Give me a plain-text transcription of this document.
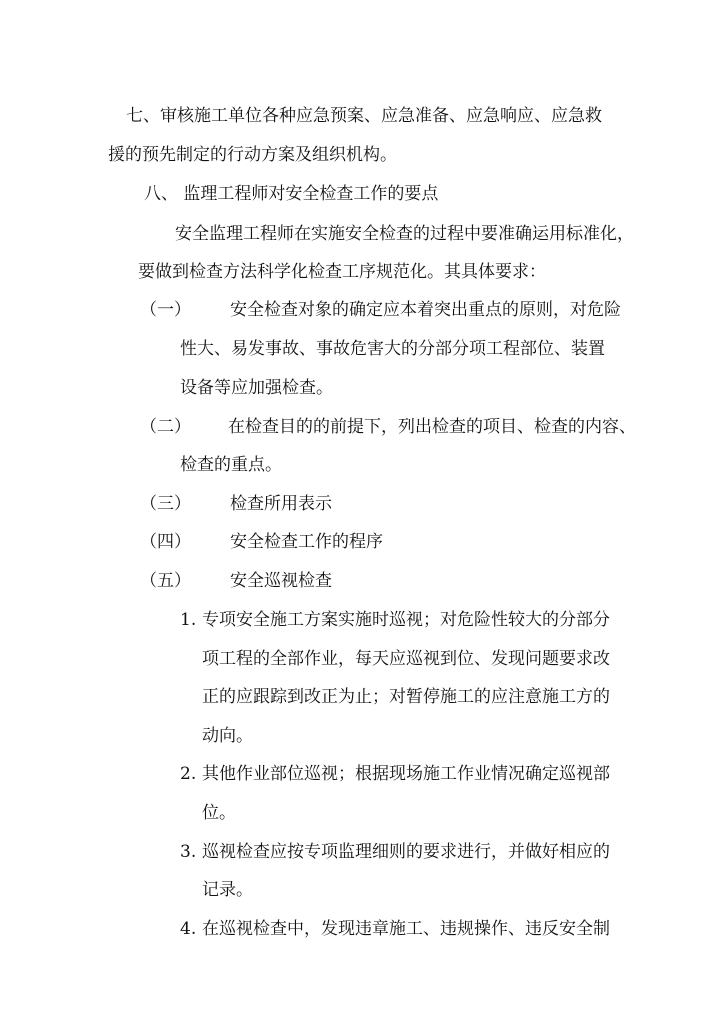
七、审核施工单位各种应急预案、应急准备、应急响应、应急救
援的预先制定的行动方案及组织机构。
八、 监理工程师对安全检查工作的要点
安全监理工程师在实施安全检查的过程中要准确运用标准化，
要做到检查方法科学化检查工序规范化。其具体要求：
（一） 安全检查对象的确定应本着突出重点的原则，对危险
性大、易发事故、事故危害大的分部分项工程部位、装置
设备等应加强检查。
（二） 在检查目的的前提下，列出检查的项目、检查的内容、
检查的重点。
（三） 检查所用表示
（四） 安全检查工作的程序
（五） 安全巡视检查
1. 专项安全施工方案实施时巡视；对危险性较大的分部分
项工程的全部作业，每天应巡视到位、发现问题要求改
正的应跟踪到改正为止；对暂停施工的应注意施工方的
动向。
2. 其他作业部位巡视；根据现场施工作业情况确定巡视部
位。
3. 巡视检查应按专项监理细则的要求进行，并做好相应的
记录。
4. 在巡视检查中，发现违章施工、违规操作、违反安全制
